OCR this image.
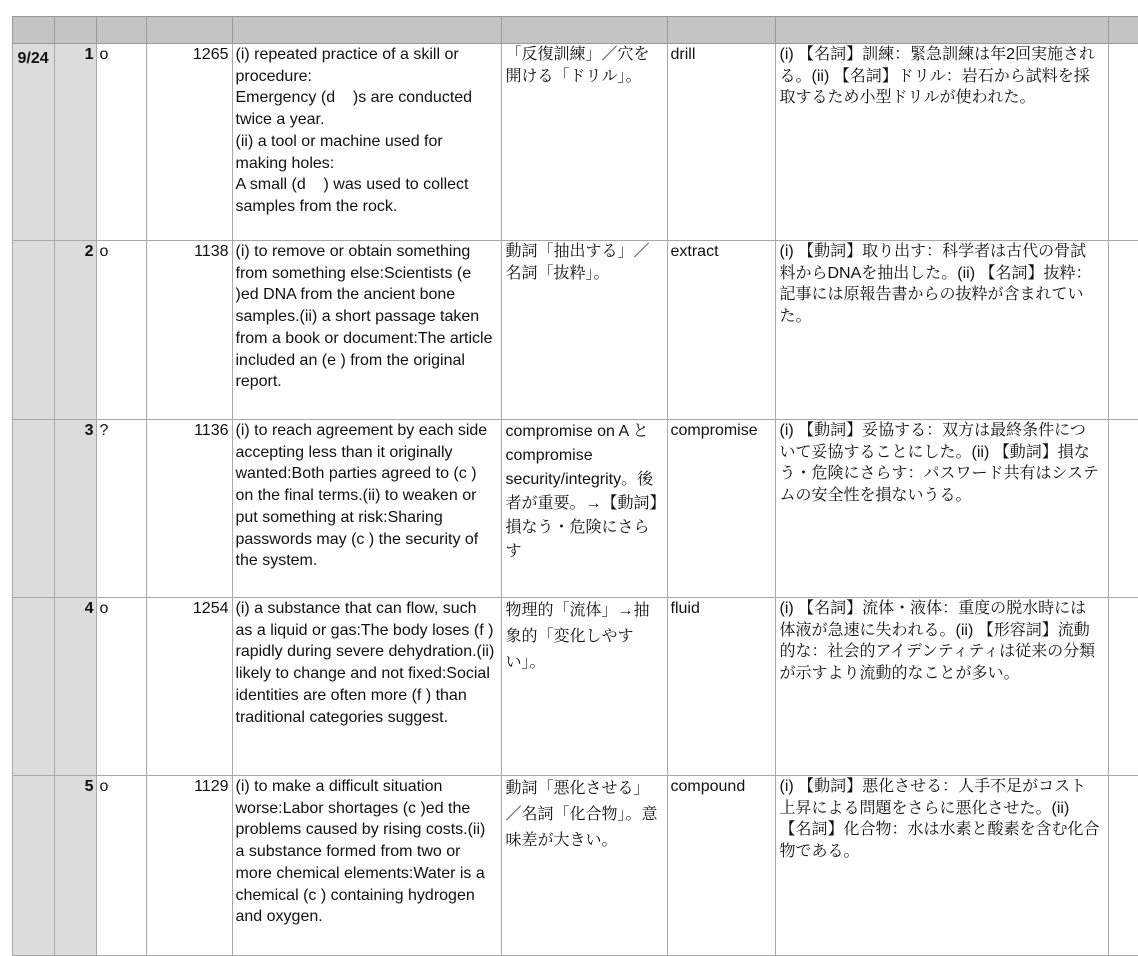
	9/24	1	o	1265	(i) repeated practice of a skill or procedure:
Emergency (d    )s are conducted twice a year.
(ii) a tool or machine used for making holes:
A small (d    ) was used to collect samples from the rock.	「反復訓練」／穴を開ける「ドリル」。	drill	(i) 【名詞】訓練：緊急訓練は年2回実施される。(ii) 【名詞】ドリル：岩石から試料を採取するため小型ドリルが使われた。	
		2	o	1138	(i) to remove or obtain something from something else:Scientists (e )ed DNA from the ancient bone samples.(ii) a short passage taken from a book or document:The article included an (e ) from the original report.	動詞「抽出する」／名詞「抜粋」。	extract	(i) 【動詞】取り出す：科学者は古代の骨試料からDNAを抽出した。(ii) 【名詞】抜粋：記事には原報告書からの抜粋が含まれていた。	
		3	?	1136	(i) to reach agreement by each side accepting less than it originally wanted:Both parties agreed to (c ) on the final terms.(ii) to weaken or put something at risk:Sharing passwords may (c ) the security of the system.	compromise on A と compromise security/integrity。後者が重要。→【動詞】損なう・危険にさらす	compromise	(i) 【動詞】妥協する：双方は最終条件について妥協することにした。(ii) 【動詞】損なう・危険にさらす：パスワード共有はシステムの安全性を損ないうる。	
		4	o	1254	(i) a substance that can flow, such as a liquid or gas:The body loses (f ) rapidly during severe dehydration.(ii) likely to change and not fixed:Social identities are often more (f ) than traditional categories suggest.	物理的「流体」→抽象的「変化しやすい」。	fluid	(i) 【名詞】流体・液体：重度の脱水時には体液が急速に失われる。(ii) 【形容詞】流動的な：社会的アイデンティティは従来の分類が示すより流動的なことが多い。	
		5	o	1129	(i) to make a difficult situation worse:Labor shortages (c )ed the problems caused by rising costs.(ii) a substance formed from two or more chemical elements:Water is a chemical (c ) containing hydrogen and oxygen.	動詞「悪化させる」／名詞「化合物」。意味差が大きい。	compound	(i) 【動詞】悪化させる：人手不足がコスト上昇による問題をさらに悪化させた。(ii) 【名詞】化合物：水は水素と酸素を含む化合物である。	
